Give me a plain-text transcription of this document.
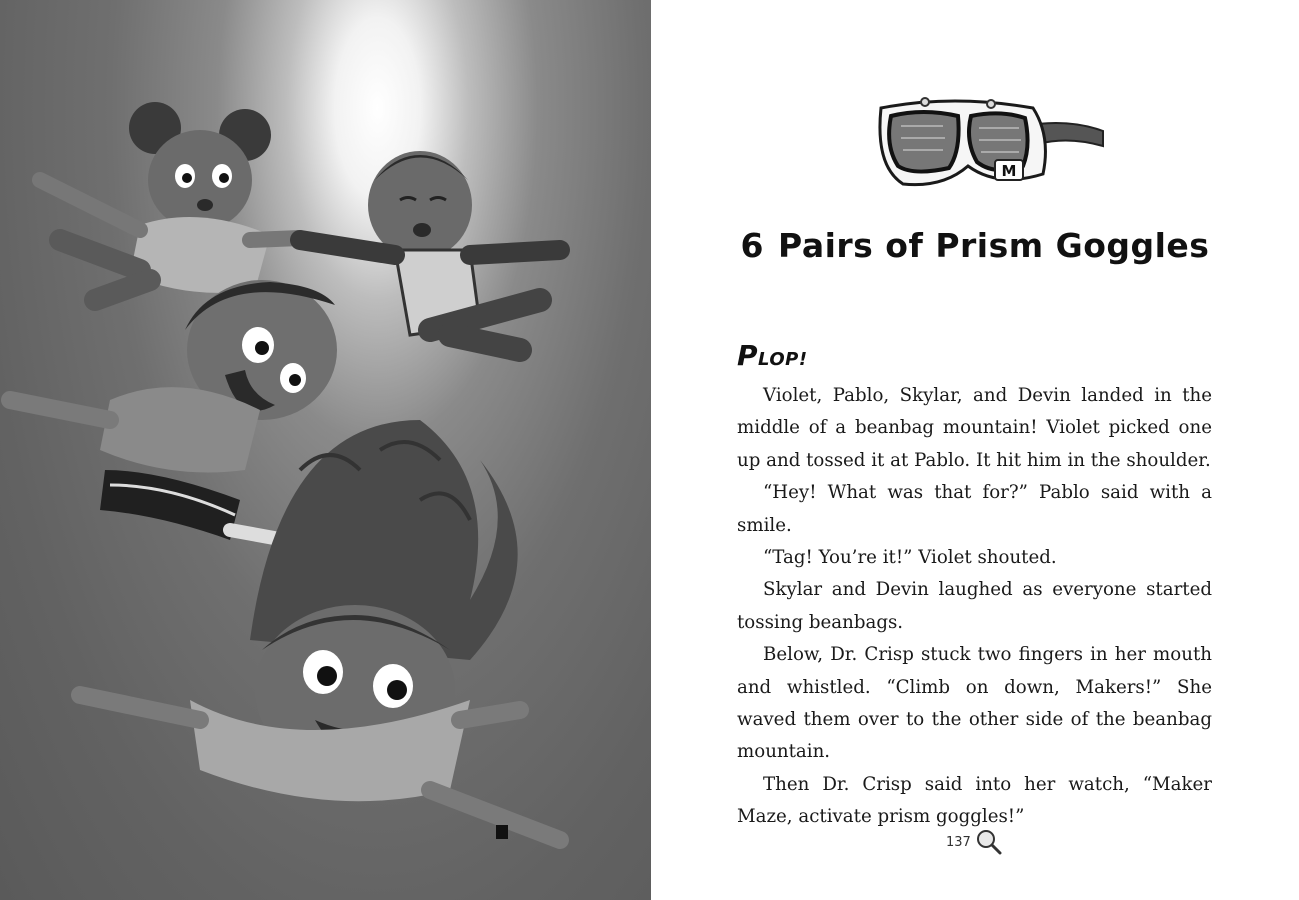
M
6 Pairs of Prism Goggles
PLOP!

Violet, Pablo, Skylar, and Devin landed in the middle of a beanbag mountain! Violet picked one up and tossed it at Pablo. It hit him in the shoulder.

“Hey! What was that for?” Pablo said with a smile.

“Tag! You’re it!” Violet shouted.

Skylar and Devin laughed as everyone started tossing beanbags.

Below, Dr. Crisp stuck two fingers in her mouth and whistled. “Climb on down, Makers!” She waved them over to the other side of the beanbag mountain.

Then Dr. Crisp said into her watch, “Maker Maze, activate prism goggles!”

137
